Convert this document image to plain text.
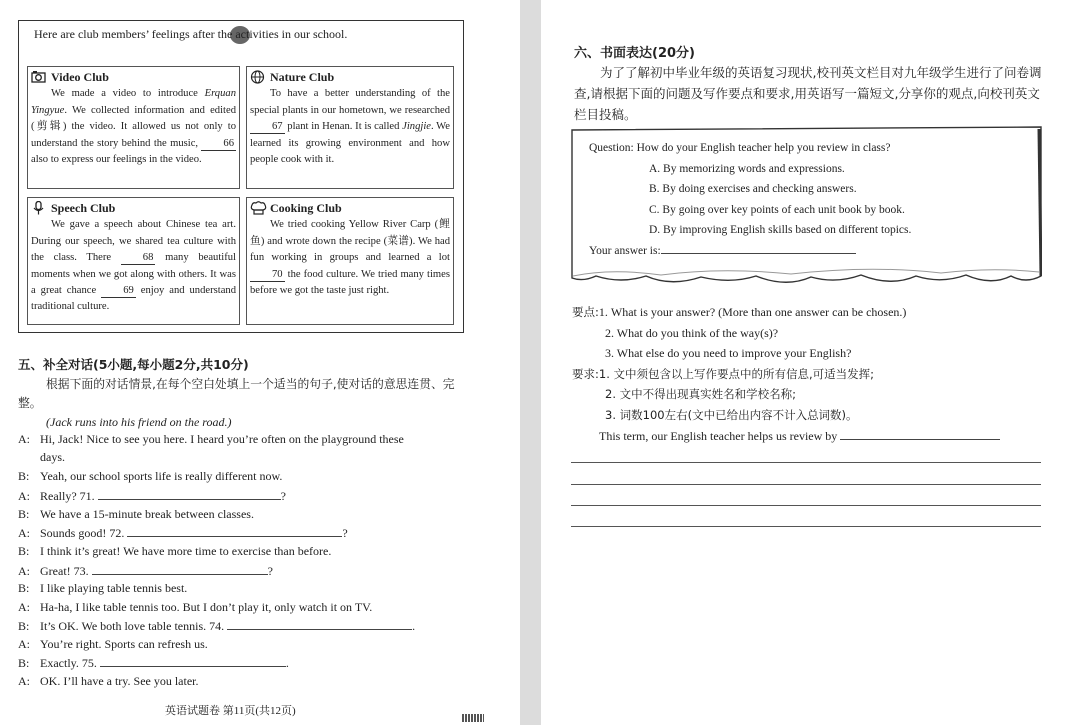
Here are club members’ feelings after the activities in our school.
Video Club

We made a video to introduce Erquan Yingyue. We collected information and edited (剪辑) the video. It allowed us not only to understand the story behind the music, 66 also to express our feelings in the video.

Nature Club

To have a better understanding of the special plants in our hometown, we researched 67 plant in Henan. It is called Jingjie. We learned its growing environment and how people cook with it.

Speech Club

We gave a speech about Chinese tea art. During our speech, we shared tea culture with the class. There 68 many beautiful moments when we got along with others. It was a great chance 69 enjoy and understand traditional culture.

Cooking Club

We tried cooking Yellow River Carp (鲤鱼) and wrote down the recipe (菜谱). We had fun working in groups and learned a lot 70 the food culture. We tried many times before we got the taste just right.

五、补全对话(5小题,每小题2分,共10分)
根据下面的对话情景,在每个空白处填上一个适当的句子,使对话的意思连贯、完整。
(Jack runs into his friend on the road.)
A: Hi, Jack! Nice to see you here. I heard you’re often on the playground these
days.
B: Yeah, our school sports life is really different now.
A: Really? 71.	?
B: We have a 15-minute break between classes.
A: Sounds good! 72.	?
B: I think it’s great! We have more time to exercise than before.
A: Great! 73.	?
B: I like playing table tennis best.
A: Ha-ha, I like table tennis too. But I don’t play it, only watch it on TV.
B: It’s OK. We both love table tennis. 74.	.
A: You’re right. Sports can refresh us.
B: Exactly. 75.	.
A: OK. I’ll have a try. See you later.
英语试题卷 第11页(共12页)
六、书面表达(20分)
为了了解初中毕业年级的英语复习现状,校刊英文栏目对九年级学生进行了问卷调查,请根据下面的问题及写作要点和要求,用英语写一篇短文,分享你的观点,向校刊英文栏目投稿。
Question: How do your English teacher help you review in class?
A. By memorizing words and expressions.
B. By doing exercises and checking answers.
C. By going over key points of each unit book by book.
D. By improving English skills based on different topics.
Your answer is:
要点:1. What is your answer? (More than one answer can be chosen.)
2. What do you think of the way(s)?
3. What else do you need to improve your English?
要求:1. 文中须包含以上写作要点中的所有信息,可适当发挥;
2. 文中不得出现真实姓名和学校名称;
3. 词数100左右(文中已给出内容不计入总词数)。
This term, our English teacher helps us review by
